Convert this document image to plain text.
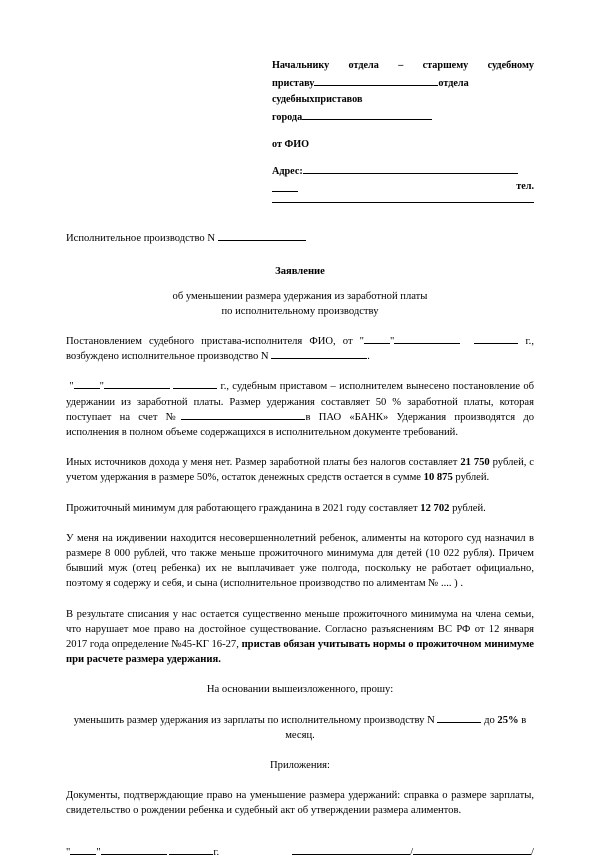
Начальнику отдела – старшему судебному
приставу	отдела
судебныхприставов
города
от ФИО
Адрес:
тел.
Исполнительное производство N
Заявление
об уменьшении размера удержания из заработной платы
по исполнительному производству
Постановлением судебного пристава-исполнителя ФИО, от " "	г., возбуждено исполнительное производство N	.
" "	г., судебным приставом – исполнителем вынесено постановление об удержании из заработной платы. Размер удержания составляет 50 % заработной платы, которая поступает на счет №	в ПАО «БАНК» Удержания производятся до исполнения в полном объеме содержащихся в исполнительном документе требований.
Иных источников дохода у меня нет. Размер заработной платы без налогов составляет 21 750 рублей, с учетом удержания в размере 50%, остаток денежных средств остается в сумме 10 875 рублей.
Прожиточный минимум для работающего гражданина в 2021 году составляет 12 702 рублей.
У меня на иждивении находится несовершеннолетний ребенок, алименты на которого суд назначил в размере 8 000 рублей, что также меньше прожиточного минимума для детей (10 022 рубля). Причем бывший муж (отец ребенка) их не выплачивает уже полгода, поскольку не работает официально, поэтому я содержу и себя, и сына (исполнительное производство по алиментам № .... ) .
В результате списания у нас остается существенно меньше прожиточного минимума на члена семьи, что нарушает мое право на достойное существование. Согласно разъяснениям ВС РФ от 12 января 2017 года определение №45-КГ 16-27, пристав обязан учитывать нормы о прожиточном минимуме при расчете размера удержания.
На основании вышеизложенного, прошу:
уменьшить размер удержания из зарплаты по исполнительному производству N	до 25% в месяц.
Приложения:
Документы, подтверждающие право на уменьшение размера удержаний: справка о размере зарплаты, свидетельство о рождении ребенка и судебный акт об утверждении размера алиментов.
" "	г.	/	/
